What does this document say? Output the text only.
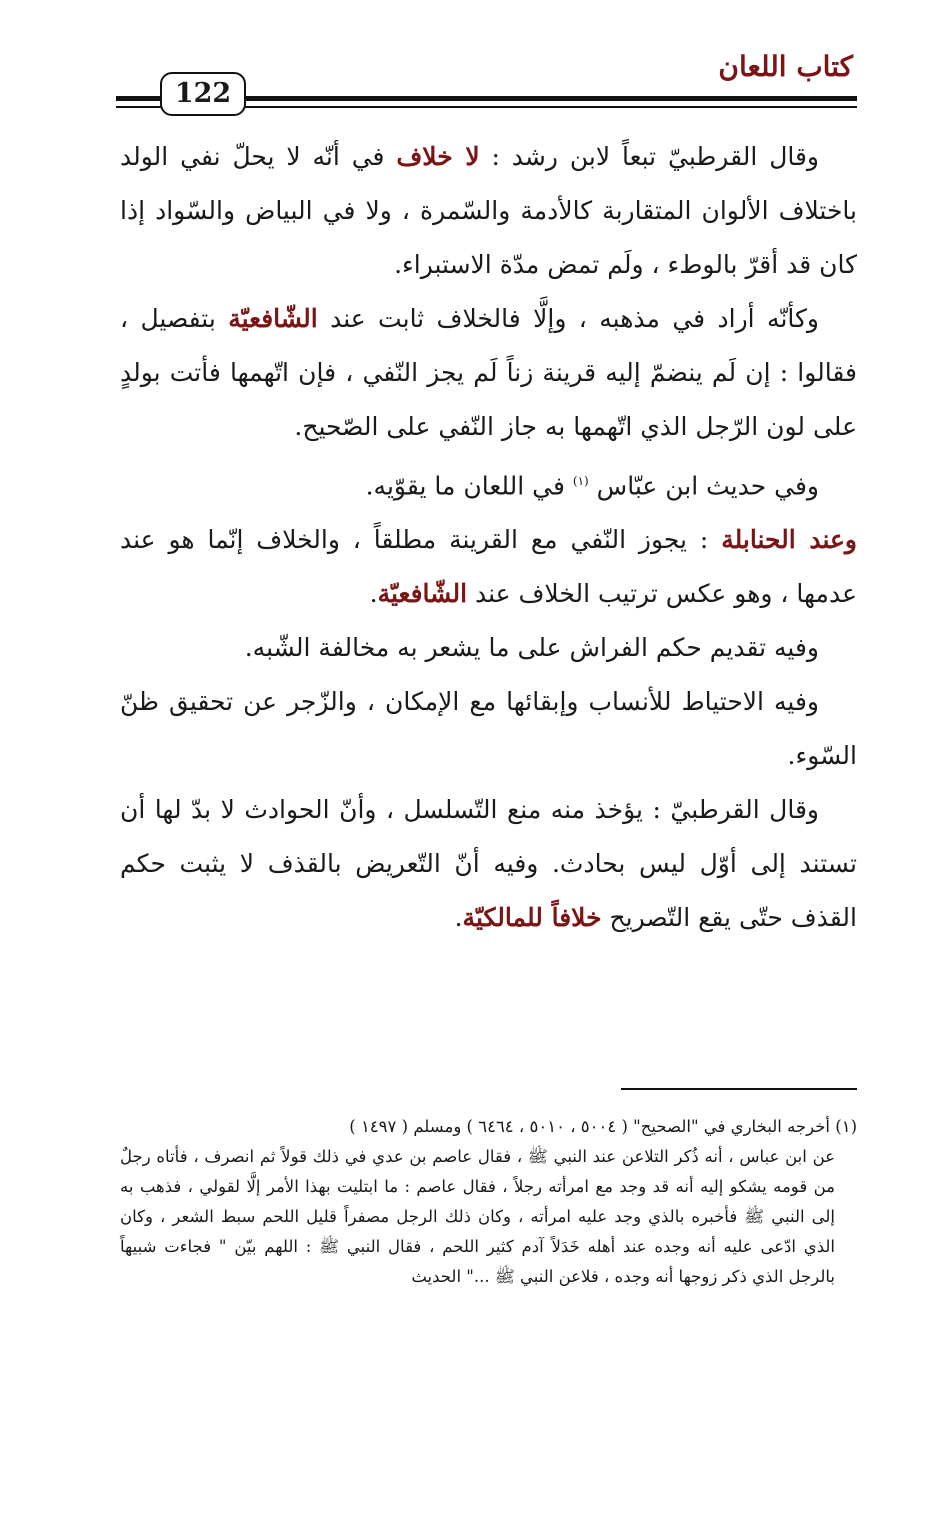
كتاب اللعان
122

وقال القرطبيّ تبعاً لابن رشد : لا خلاف في أنّه لا يحلّ نفي الولد باختلاف الألوان المتقاربة كالأدمة والسّمرة ، ولا في البياض والسّواد إذا كان قد أقرّ بالوطء ، ولَم تمض مدّة الاستبراء.

وكأنّه أراد في مذهبه ، وإلَّا فالخلاف ثابت عند الشّافعيّة بتفصيل ، فقالوا : إن لَم ينضمّ إليه قرينة زناً لَم يجز النّفي ، فإن اتّهمها فأتت بولدٍ على لون الرّجل الذي اتّهمها به جاز النّفي على الصّحيح.

وفي حديث ابن عبّاس $^{(١)}$ في اللعان ما يقوّيه.

وعند الحنابلة : يجوز النّفي مع القرينة مطلقاً ، والخلاف إنّما هو عند عدمها ، وهو عكس ترتيب الخلاف عند الشّافعيّة.

وفيه تقديم حكم الفراش على ما يشعر به مخالفة الشّبه.

وفيه الاحتياط للأنساب وإبقائها مع الإمكان ، والزّجر عن تحقيق ظنّ السّوء.

وقال القرطبيّ : يؤخذ منه منع التّسلسل ، وأنّ الحوادث لا بدّ لها أن تستند إلى أوّل ليس بحادث. وفيه أنّ التّعريض بالقذف لا يثبت حكم القذف حتّى يقع التّصريح خلافاً للمالكيّة.

(١) أخرجه البخاري في "الصحيح" ( ٥٠٠٤ ، ٥٠١٠ ، ٦٤٦٤ ) ومسلم ( ١٤٩٧ )

عن ابن عباس ، أنه ذُكر التلاعن عند النبي ﷺ ، فقال عاصم بن عدي في ذلك قولاً ثم انصرف ، فأتاه رجلٌ من قومه يشكو إليه أنه قد وجد مع امرأته رجلاً ، فقال عاصم : ما ابتليت بهذا الأمر إلَّا لقولي ، فذهب به إلى النبي ﷺ فأخبره بالذي وجد عليه امرأته ، وكان ذلك الرجل مصفراً قليل اللحم سبط الشعر ، وكان الذي ادّعى عليه أنه وجده عند أهله خَدَلاً آدم كثير اللحم ، فقال النبي ﷺ : اللهم بيّن " فجاءت شبيهاً بالرجل الذي ذكر زوجها أنه وجده ، فلاعن النبي ﷺ ..." الحديث
